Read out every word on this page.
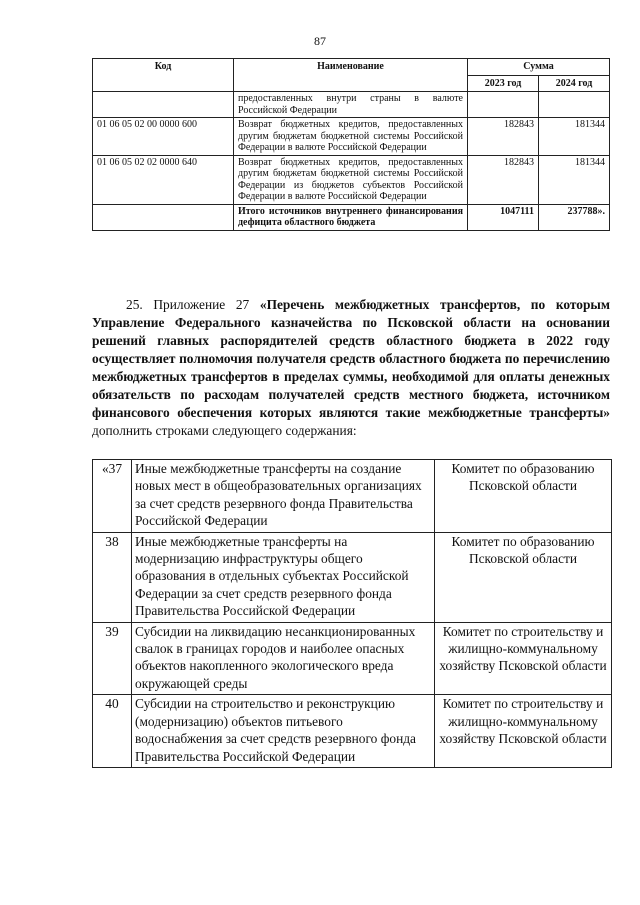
87
Код	Наименование	Сумма	
		2023 год	2024 год
	предоставленных внутри страны в валюте Российской Федерации		
01 06 05 02 00 0000 600	Возврат бюджетных кредитов, предоставленных другим бюджетам бюджетной системы Российской Федерации в валюте Российской Федерации	182843	181344
01 06 05 02 02 0000 640	Возврат бюджетных кредитов, предоставленных другим бюджетам бюджетной системы Российской Федерации из бюджетов субъектов Российской Федерации в валюте Российской Федерации	182843	181344
	Итого источников внутреннего финансирования дефицита областного бюджета	1047111	237788».

25. Приложение 27 «Перечень межбюджетных трансфертов, по которым Управление Федерального казначейства по Псковской области на основании решений главных распорядителей средств областного бюджета в 2022 году осуществляет полномочия получателя средств областного бюджета по перечислению межбюджетных трансфертов в пределах суммы, необходимой для оплаты денежных обязательств по расходам получателей средств местного бюджета, источником финансового обеспечения которых являются такие межбюджетные трансферты» дополнить строками следующего содержания:

«37	Иные межбюджетные трансферты на создание новых мест в общеобразовательных организациях за счет средств резервного фонда Правительства Российской Федерации	Комитет по образованию Псковской области
38	Иные межбюджетные трансферты на модернизацию инфраструктуры общего образования в отдельных субъектах Российской Федерации за счет средств резервного фонда Правительства Российской Федерации	Комитет по образованию Псковской области
39	Субсидии на ликвидацию несанкционированных свалок в границах городов и наиболее опасных объектов накопленного экологического вреда окружающей среды	Комитет по строительству и жилищно-коммунальному хозяйству Псковской области
40	Субсидии на строительство и реконструкцию (модернизацию) объектов питьевого водоснабжения за счет средств резервного фонда Правительства Российской Федерации	Комитет по строительству и жилищно-коммунальному хозяйству Псковской области
